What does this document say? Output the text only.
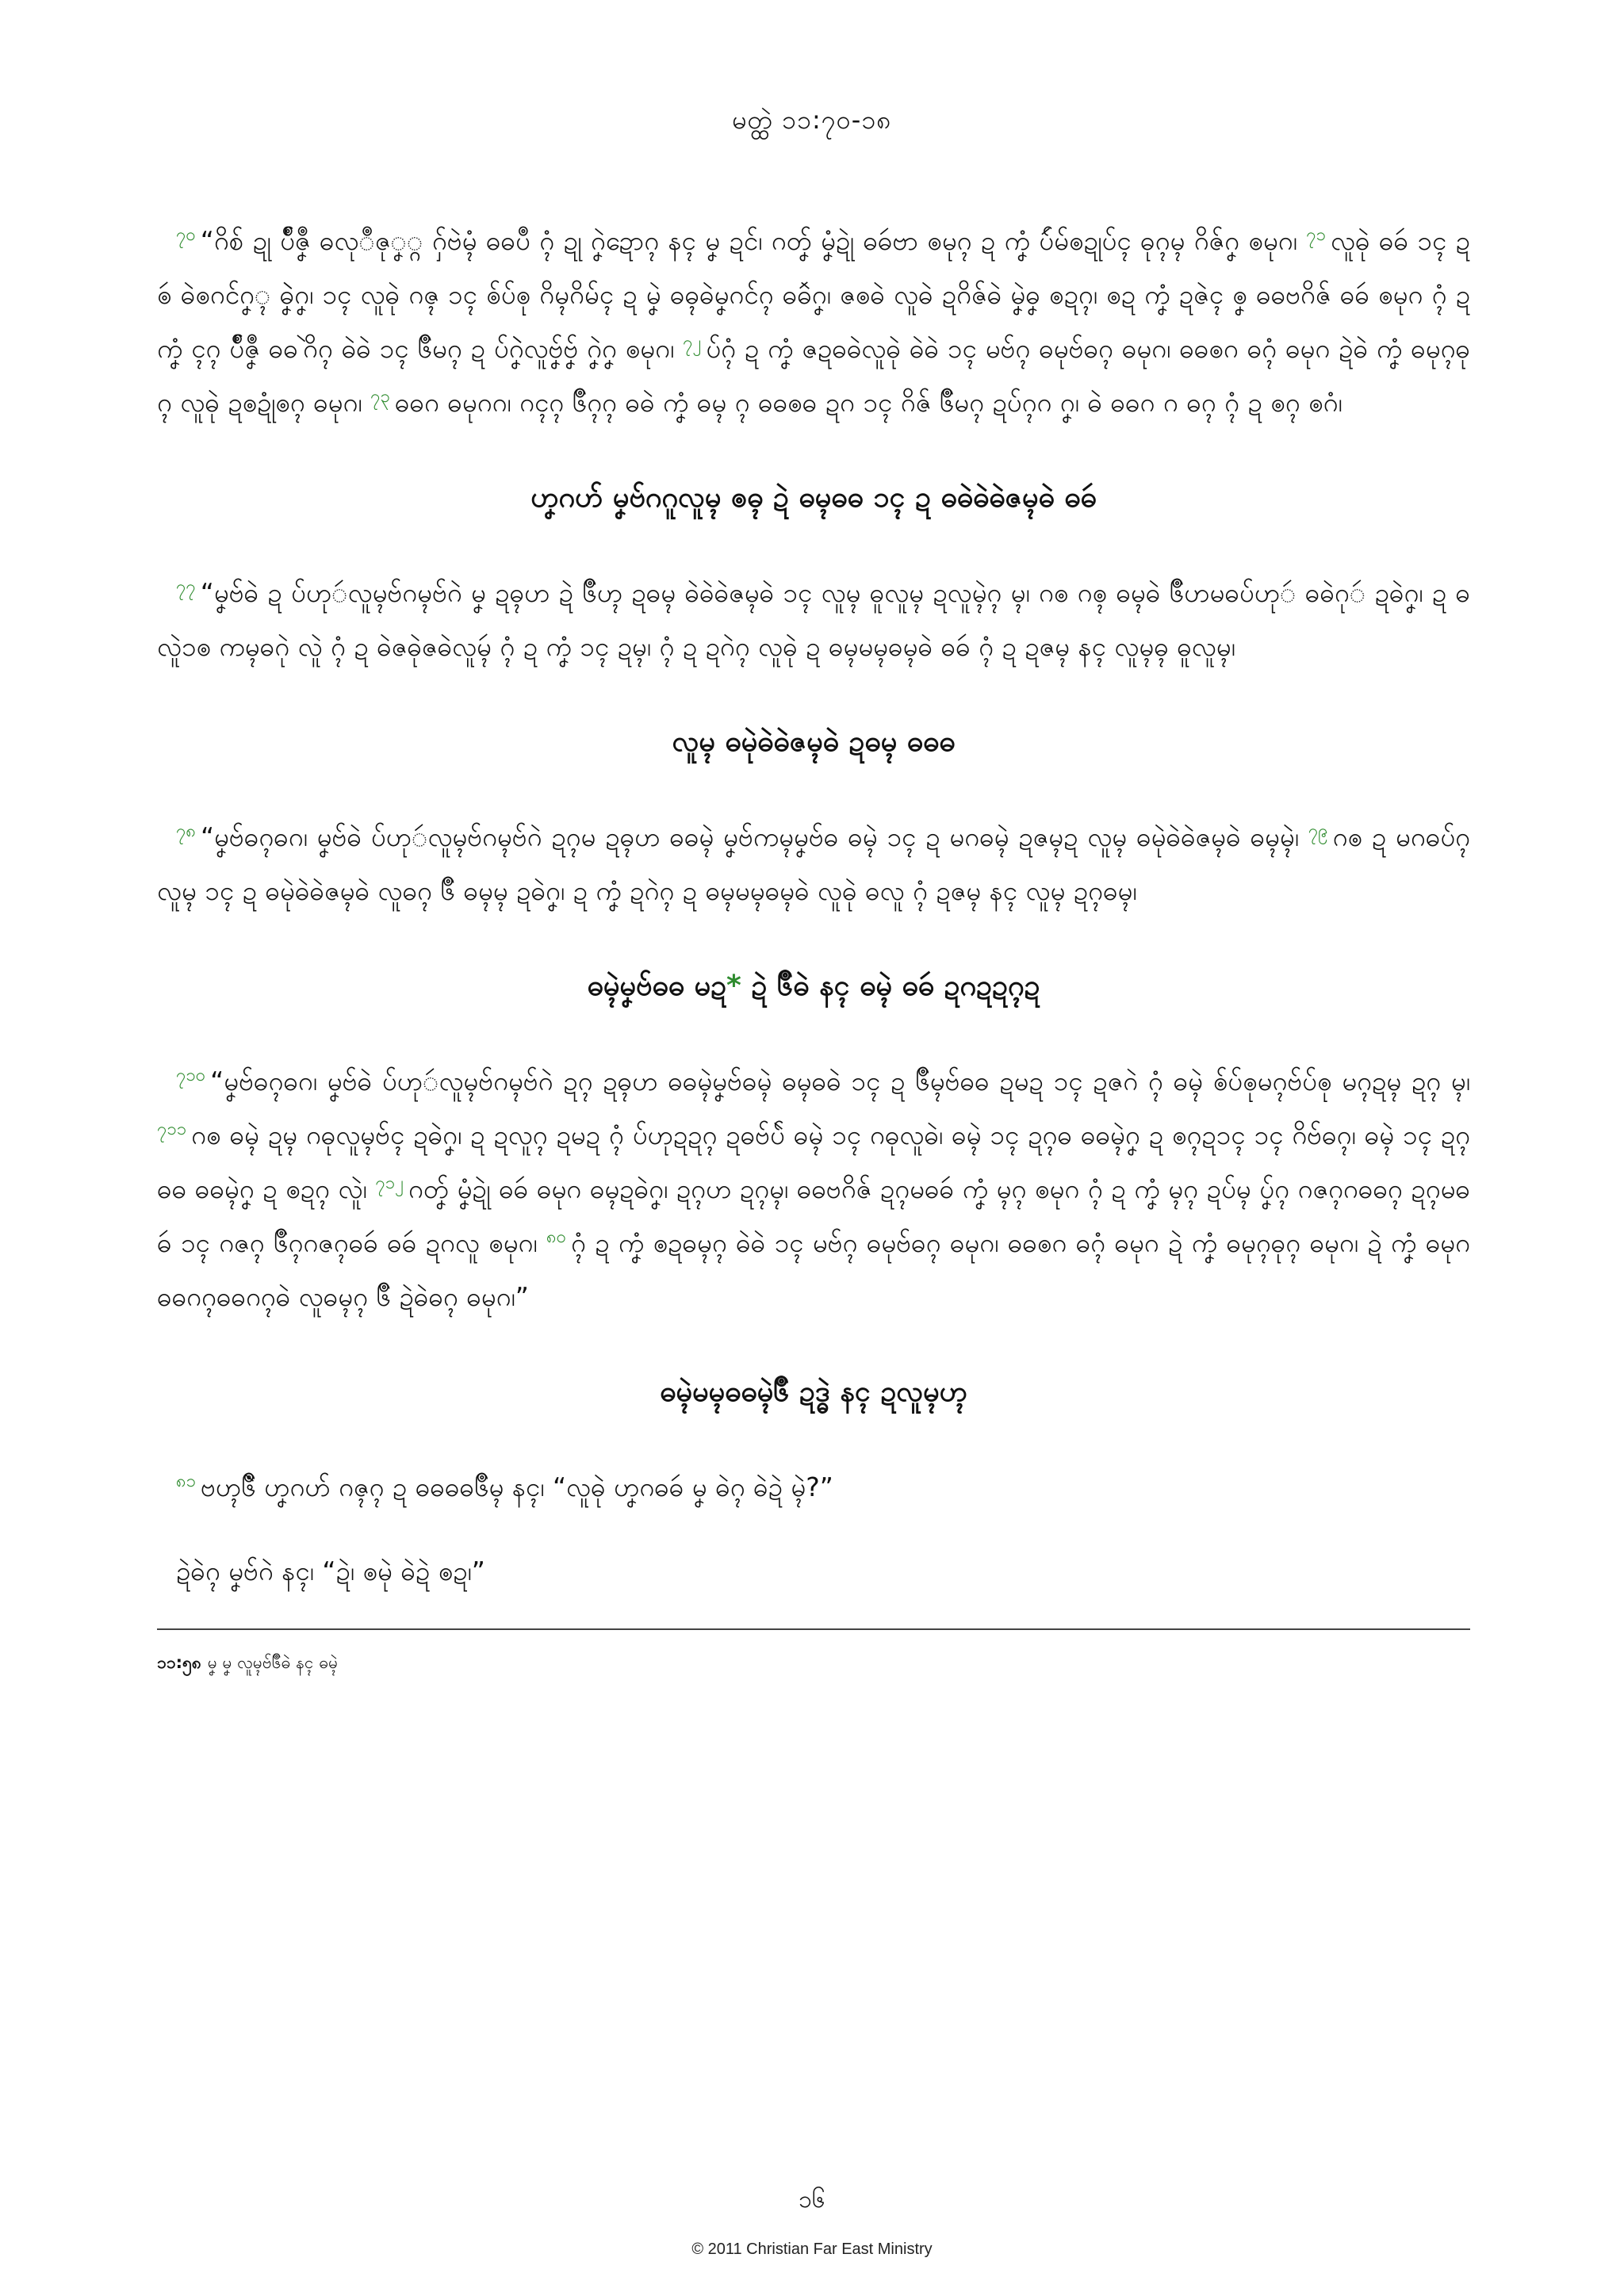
မတ္ထဲ ၁၁:၇၀-၁၈

$^{၇၀}$ “ဂိစ် ဍု ပ်ဳဇၞဳ ဓလုဳဇုၞ္ဂ ဂှ်ဗဲမ္ၚံ ဓဓပဳ ဂ္ၚံ ဍု ဂၞဲဍောဂ္ၚ နၚ မၞ ဍၚ်၊ ဂတၞ် မၞံဍုဲ ဓဓဴဗာ ၜမုဂ္ၚ ဍ ကၞံ ပ်ဴမ်ၜဍုပ်ၚ ဓုဂ္ၚမ္ၚ ဂိဇ်ဂၞ ၜမုဂ၊ $^{၇၁}$ လူဓုဲ ဓဓဴ ၁ၚ ဍ ၜဴ ဓဲၜဂၚ်ဂၞ္ၚ ဓၞဲဲဂၞ၊ ၁ၚ လူဓုဲ ဂဇ္ၚ ၁ၚ ၜ်ပ်ၜု ဂိမ္ၚဂိမ်ၚ ဍ မၞဲ ဓဓ္ၚဓဲမၞဂၚ်ဂ္ၚ ဓဓဴဲဂၞ၊ ဇၜဓဲ လူဓဲ ဍဂိဇ်ဓဲ မၞဲဓၞ ၜဍဂ္ၚ၊ ၜဍ ကၞံ ဍဇဲၚ ၜၞ ဓဓဗဂိဇ် ဓဓဴ ၜမုဂ ဂ္ၚံ ဍ ကၞံ ၚဂ္ၚ ပ်ဳဇၞဳ ဓဓဂိဲဂ္ၚ ဓဲဓဲ ၁ၚ ၆ဳမဂ္ၚ ဍ ပ်ဂၞဲဲလူဗ်ၞဗ်ၞ ဂၞဲဂၞ ၜမုဂ၊ $^{၇၂}$ ပ်ဂ္ၚံ ဍ ကၞံ ဇဍဓဓဲလူဓုဲ ဓဲဓဲ ၁ၚ မဗ်ဂ္ၚ ဓမုဗ်ဓဂ္ၚ ဓမုဂ၊ ဓဓၜဂ ဓဂ္ၚံ ဓမုဂ ဍဲဓဲ ကၞံ ဓမုဂ္ၚဓုဂ္ၚ လူဓုဲ ဍၜဍုံၜဂ္ၚ ဓမုဂ၊ $^{၇၃}$ ဓဓဂ ဓမုဂဂ၊ ဂၚဂ္ၚ ၆ဳဂ္ၚဂ္ၚ ဓဓဲ ကၞံ ဓမ္ၚ ဂ္ၚ ဓဓၜဓ ဍဂ ၁ၚ ဂိဇ် ၆ဳမဂ္ၚ ဍပ်ဂ္ၚဂ ဂၞ၊ ဓဲ ဓဓဂ ဂ ဓဂ္ၚ ဂ္ၚံ ဍ ၜဂ္ၚ ၜဂံ၊

ဟၞဂဟ် မၞဗ်ဂဂူလူမ္ၚ ၜဓ္ၚ ဍဲ ဓမ္ၚဓဓ ၁ၚ ဍ ဓဓဲဓဲဓဲဇမ္ၚဓဲ ဓဓဴ

$^{၇၇}$ “မၞဗ်ဓဲ ဍ ပ်ဟုဴလူမ္ၚဗ်ဂမ္ၚဗ်ဂဲ မၞ ဍဓ္ၚဟ ဍဲ ၆ဳဟ္ၚ ဍဓမ္ၚ ဓဲဓဲဓဲဇမ္ၚဓဲ ၁ၚ လူမ္ၚ ဓူလူမ္ၚ ဍလူမ္ၚဲဂ္ၚ မ္ၚ၊ ဂၜ ဂၜ္ၚ ဓမ္ၚဓဲ ၆ဳဟမဓပ်ဟုဴ ဓဓဲဂုဴ ဍဓဲဂၞ၊ ဍ ဓလူဲ၁ၜ ကမ္ၚဓဂုဲ လူဲ ဂ္ၚံ ဍ ဓဲဇဓုဲဇဓဲလူမ္ၚဴ ဂ္ၚံ ဍ ကၞံ ၁ၚ ဍမ္ၚ၊ ဂ္ၚံ ဍ ဍဂဲဂ္ၚ လူဓုဲ ဍ ဓမ္ၚမမ္ၚဓမ္ၚဓဲ ဓဓဴ ဂ္ၚံ ဍ ဍဇမ္ၚ နၚ လူမ္ၚဓ္ၚ ဓူလူမ္ၚ၊

လူမ္ၚ ဓမုဲဓဲဓဲဇမ္ၚဓဲ ဍဓမ္ၚ ဓဓဓ

$^{၇၈}$ “မၞဗ်ဓဂ္ၚဓဂ၊ မၞဗ်ဓဲ ပ်ဟုဴလူမ္ၚဗ်ဂမ္ၚဗ်ဂဲ ဍဂ္ၚမ ဍဓ္ၚဟ ဓဓမ္ၚဲ မၞဗ်ကမ္ၚမၞဗ်ဓ ဓမ္ၚဲ ၁ၚ ဍ မဂဓမ္ၚဲ ဍဇမ္ၚဍ လူမ္ၚ ဓမုဲဓဲဓဲဇမ္ၚဓဲ ဓမ္ၚမ္ၚဲ၊ $^{၇၉}$ ဂၜ ဍ မဂဓပ်ဂ္ၚ လူမ္ၚ ၁ၚ ဍ ဓမုဲဓဲဓဲဇမ္ၚဓဲ လူဓဂ္ၚ ၆ဳ ဓမ္ၚမ္ၚ ဍဓဲဂၞ၊ ဍ ကၞံ ဍဂဲဂ္ၚ ဍ ဓမ္ၚမမ္ၚဓမ္ၚဓဲ လူဓုဲ ဓလူ ဂ္ၚံ ဍဇမ္ၚ နၚ လူမ္ၚ ဍဂ္ၚဓမ္ၚ၊

ဓမ္ၚဲမၞဗ်ဓဓ မဍ* ဍဲ ၆ဳဓဲ နၚ ဓမ္ၚဲ ဓဓဴ ဍဂဍဍဂ္ၚဍ

$^{၇၁၀}$ “မၞဗ်ဓဂ္ၚဓဂ၊ မၞဗ်ဓဲ ပ်ဟုဴလူမ္ၚဗ်ဂမ္ၚဗ်ဂဲ ဍဂ္ၚ ဍဓ္ၚဟ ဓဓမ္ၚဲမၞဗ်ဓမ္ၚဲ ဓမ္ၚဓဓဲ ၁ၚ ဍ ၆ဳမ္ၚဗ်ဓဓ ဍမဍ ၁ၚ ဍဇဂဲ ဂ္ၚံ ဓမ္ၚဲ ၜ်ပ်ၜုမဂ္ၚဗ်ပ်ၜု မဂ္ၚဍမ္ၚ ဍဂ္ၚ မ္ၚ၊ $^{၇၁၁}$ ဂၜ ဓမ္ၚဲ ဍမ္ၚ ဂဓုလူမ္ၚဗ်ၚ ဍဓဲဂၞ၊ ဍ ဍလူဂ္ၚ ဍမဍ ဂ္ၚံ ပ်ဟုဍဍဂ္ၚ ဍဓဗ်ပ်ဲ ဓမ္ၚဲ ၁ၚ ဂဓုလူဓဲ၊ ဓမ္ၚဲ ၁ၚ ဍဂ္ၚဓ ဓဓမ္ၚဲဂၞ ဍ ၜဂ္ၚဍ၁ၚ ၁ၚ ဂိဗ်ဓဂ္ၚ၊ ဓမ္ၚဲ ၁ၚ ဍဂ္ၚဓဓ ဓဓမ္ၚဲဂၞ ဍ ၜဍဂ္ၚ လူဲ၊ $^{၇၁၂}$ ဂတၞ် မၞံဍုဲ ဓဓဴ ဓမုဂ ဓမ္ၚဍဓဲဂၞ၊ ဍဂ္ၚဟ ဍဂ္ၚမ္ၚ၊ ဓဓဗဂိဇ် ဍဂ္ၚမဓဓဴ ကၞံ မ္ၚဂ္ၚ ၜမုဂ ဂ္ၚံ ဍ ကၞံ မ္ၚဂ္ၚ ဍပ်မ္ၚ ပ်ၞဂ္ၚ ဂဇဂ္ၚဂဓဓဂ္ၚ ဍဂ္ၚမဓဓဴ ၁ၚ ဂဇဂ္ၚ ၆ဳဂ္ၚဂဇဂ္ၚဓဓဴ ဓဓဴ ဍဂလူ ၜမုဂ၊ $^{၈၀}$ ဂ္ၚံ ဍ ကၞံ ၜဍဓမ္ၚဂ္ၚ ဓဲဓဲ ၁ၚ မဗ်ဂ္ၚ ဓမုဗ်ဓဂ္ၚ ဓမုဂ၊ ဓဓၜဂ ဓဂ္ၚံ ဓမုဂ ဍဲ ကၞံ ဓမုဂ္ၚဓုဂ္ၚ ဓမုဂ၊ ဍဲ ကၞံ ဓမုဂ ဓဓဂဂ္ၚဓဓဂဂ္ၚဓဲ လူဓမ္ၚဂ္ၚ ၆ဳ ဍဲဓဲဓဂ္ၚ ဓမုဂ၊”

ဓမ္ၚဲမမ္ၚဓဓမ္ၚဲ၆ဳ ဍဒ္ဓဲ နၚ ဍလူမ္ၚဟ္ၚ

$^{၈၁}$ ဗဟ္ၚ၆ဳဲ ဟၞဂဟ် ဂဇ္ၚဂ္ၚ ဍ ဓဓဓဓ၆ဳမ္ၚ နၚ၊ “လူဓုဲ ဟၞဂဓဓဴ မၞ ဓဲဂ္ၚ ဓဲဍဲ မ္ၚဲ?”

ဍဲဓဲဂ္ၚ မၞဗ်ဂဲ နၚ၊ “ဍဲ၊ ၜမုဲ ဓဲဍဲ ၜဍ၊”

၁၁:၅၈ မၞ မၞ လူမ္ၚဗ်၆ဳဓဲ နၚ ဓမ္ၚဲ
၁၆
© 2011 Christian Far East Ministry
